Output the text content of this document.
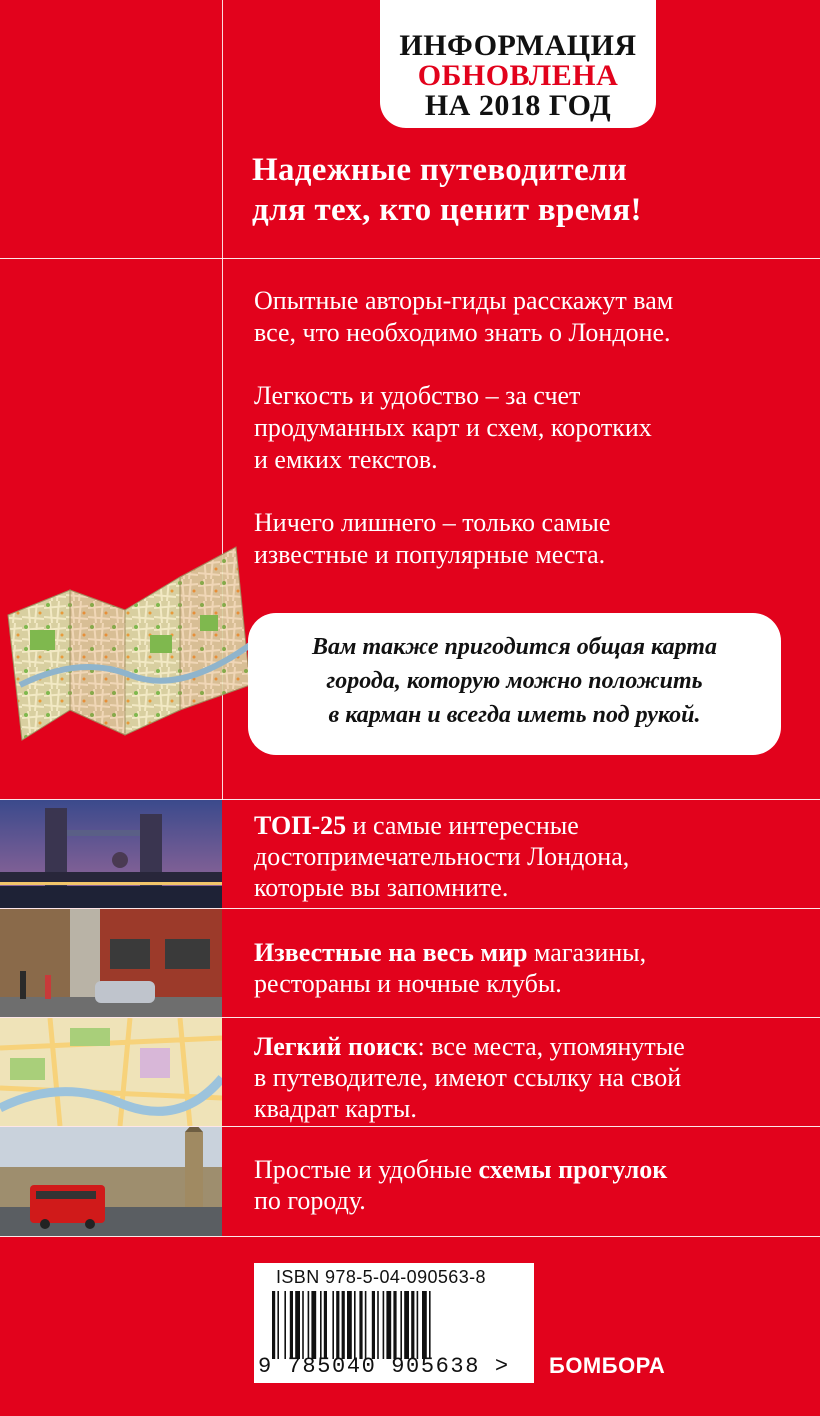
ИНФОРМАЦИЯ
ОБНОВЛЕНА
НА 2018 ГОД
Надежные путеводители
для тех, кто ценит время!
Опытные авторы-гиды расскажут вам
все, что необходимо знать о Лондоне.
Легкость и удобство – за счет
продуманных карт и схем, коротких
и емких текстов.
Ничего лишнего – только самые
известные и популярные места.
Вам также пригодится общая карта
города, которую можно положить
в карман и всегда иметь под рукой.
ТОП-25 и самые интересные
достопримечательности Лондона,
которые вы запомните.
Известные на весь мир магазины,
рестораны и ночные клубы.
Легкий поиск: все места, упомянутые
в путеводителе, имеют ссылку на свой
квадрат карты.
Простые и удобные схемы прогулок
по городу.
ISBN 978-5-04-090563-8
9 785040 905638 > БОМБОРА
